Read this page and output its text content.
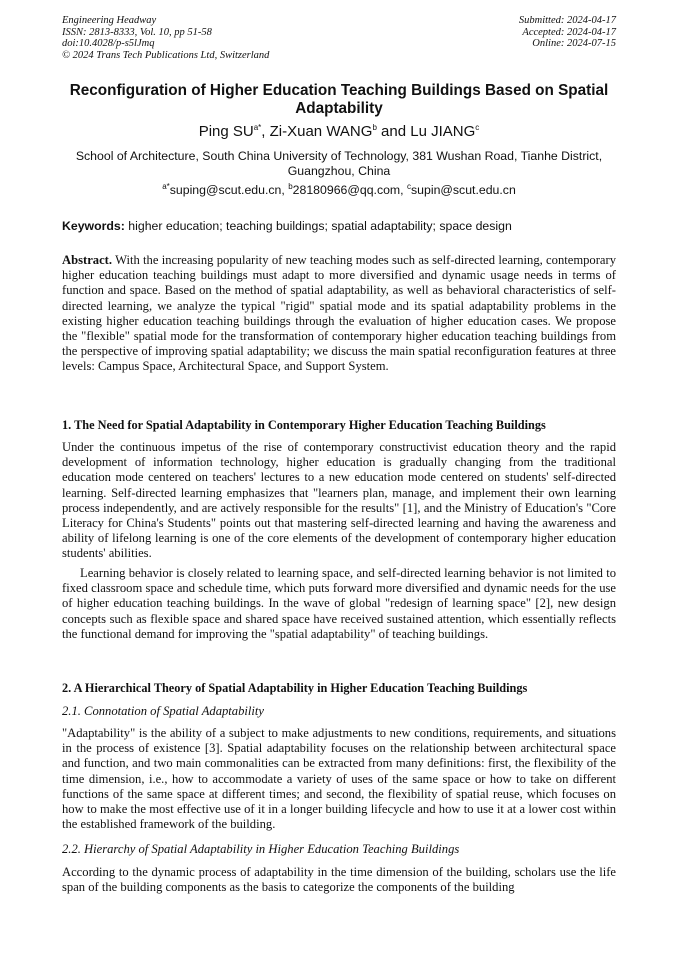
Engineering Headway
ISSN: 2813-8333, Vol. 10, pp 51-58
doi:10.4028/p-s5lJmq
© 2024 Trans Tech Publications Ltd, Switzerland
Submitted: 2024-04-17
Accepted: 2024-04-17
Online: 2024-07-15
Reconfiguration of Higher Education Teaching Buildings Based on Spatial Adaptability
Ping $SU^{a*}$, Zi-Xuan WANG$^b$ and Lu JIANG$^c$
School of Architecture, South China University of Technology, 381 Wushan Road, Tianhe District, Guangzhou, China
$^{a*}$suping@scut.edu.cn, $^b$28180966@qq.com, $^c$supin@scut.edu.cn
Keywords: higher education; teaching buildings; spatial adaptability; space design

Abstract. With the increasing popularity of new teaching modes such as self-directed learning, contemporary higher education teaching buildings must adapt to more diversified and dynamic usage needs in terms of function and space. Based on the method of spatial adaptability, as well as behavioral characteristics of self-directed learning, we analyze the typical "rigid" spatial mode and its spatial adaptability problems in the existing higher education teaching buildings through the evaluation of higher education cases. We propose the "flexible" spatial mode for the transformation of contemporary higher education teaching buildings from the perspective of improving spatial adaptability; we discuss the main spatial reconfiguration features at three levels: Campus Space, Architectural Space, and Support System.

1. The Need for Spatial Adaptability in Contemporary Higher Education Teaching Buildings

Under the continuous impetus of the rise of contemporary constructivist education theory and the rapid development of information technology, higher education is gradually changing from the traditional education mode centered on teachers' lectures to a new education mode centered on students' self-directed learning. Self-directed learning emphasizes that "learners plan, manage, and implement their own learning process independently, and are actively responsible for the results" [1], and the Ministry of Education's "Core Literacy for China's Students" points out that mastering self-directed learning and having the awareness and ability of lifelong learning is one of the core elements of the development of contemporary higher education students' abilities.

Learning behavior is closely related to learning space, and self-directed learning behavior is not limited to fixed classroom space and schedule time, which puts forward more diversified and dynamic needs for the use of higher education teaching buildings. In the wave of global "redesign of learning space" [2], new design concepts such as flexible space and shared space have received sustained attention, which essentially reflects the functional demand for improving the "spatial adaptability" of teaching buildings.

2. A Hierarchical Theory of Spatial Adaptability in Higher Education Teaching Buildings
2.1. Connotation of Spatial Adaptability

"Adaptability" is the ability of a subject to make adjustments to new conditions, requirements, and situations in the process of existence [3]. Spatial adaptability focuses on the relationship between architectural space and function, and two main commonalities can be extracted from many definitions: first, the flexibility of the time dimension, i.e., how to accommodate a variety of uses of the same space or how to take on different functions of the same space at different times; and second, the flexibility of spatial reuse, which focuses on how to make the most effective use of it in a longer building lifecycle and how to use it at a lower cost within the established framework of the building.

2.2. Hierarchy of Spatial Adaptability in Higher Education Teaching Buildings

According to the dynamic process of adaptability in the time dimension of the building, scholars use the life span of the building components as the basis to categorize the components of the building
